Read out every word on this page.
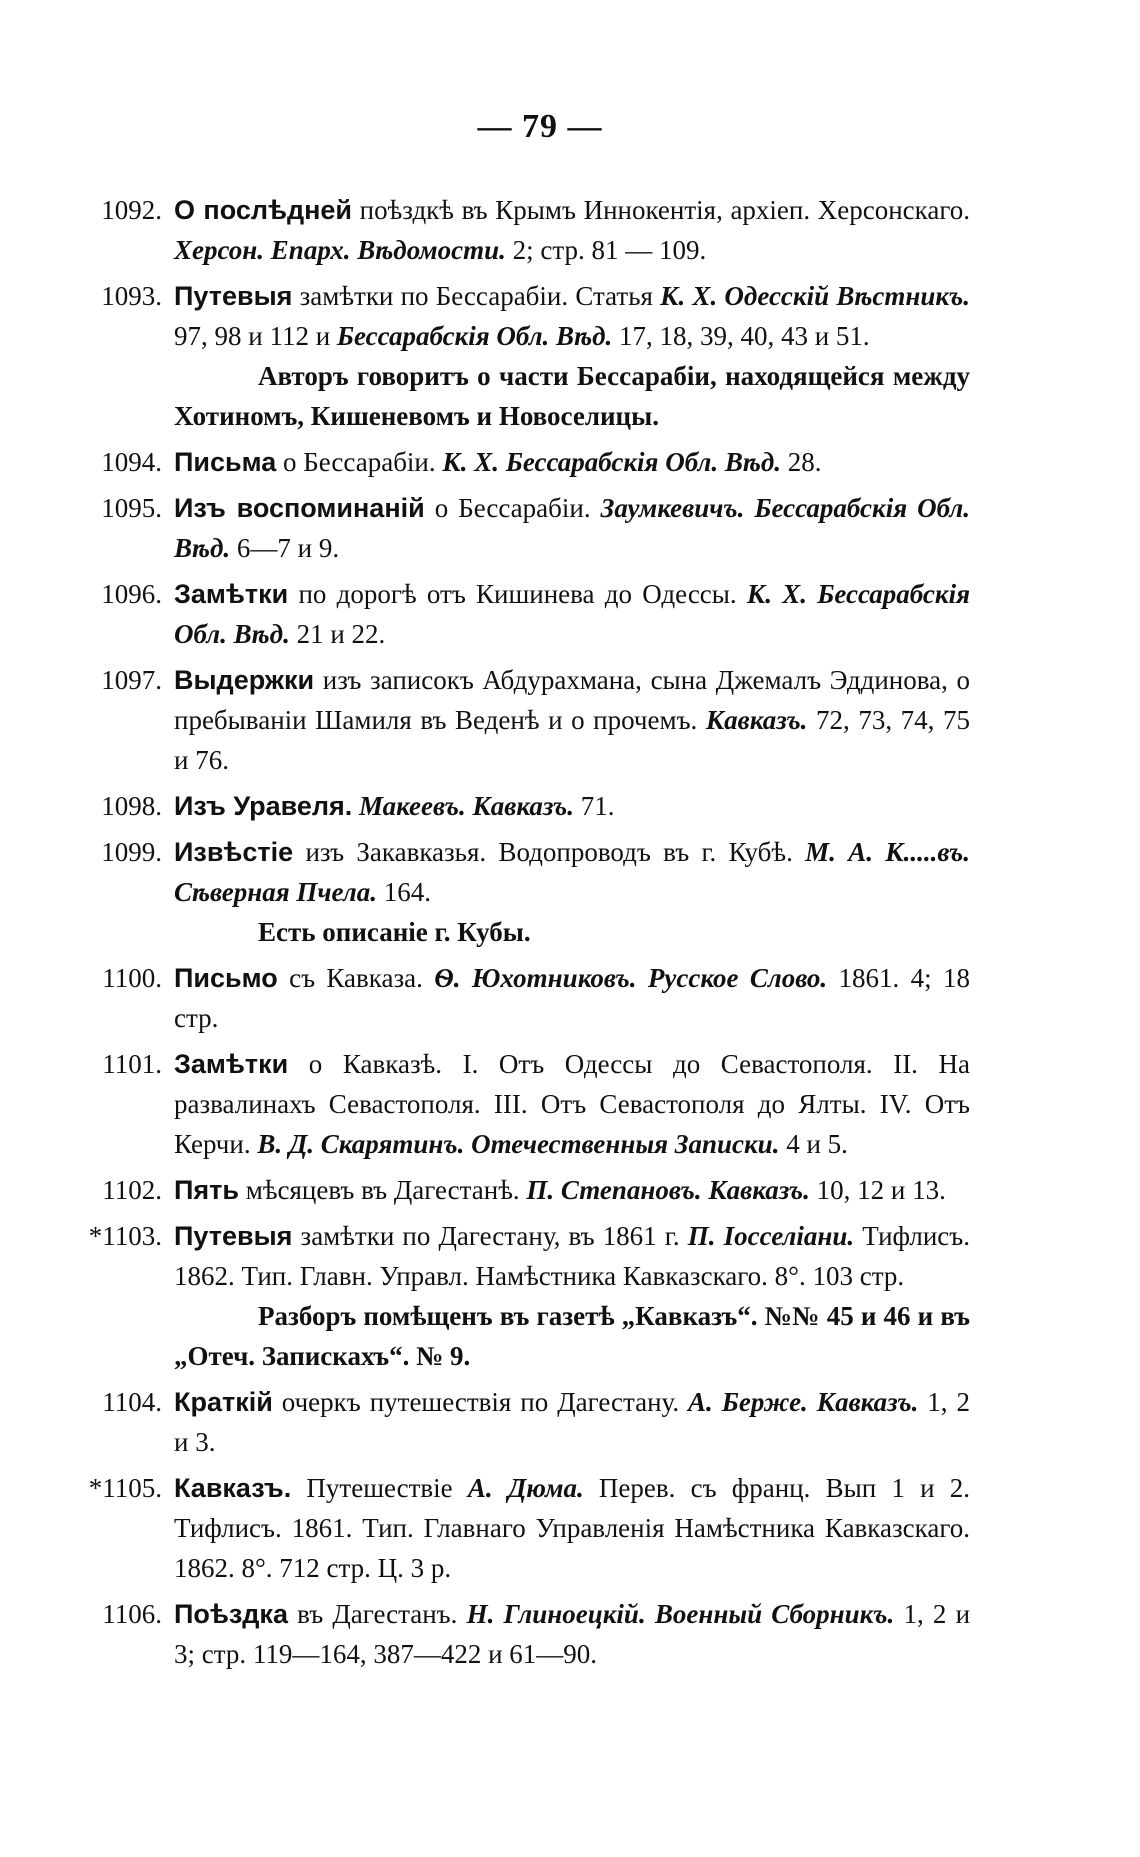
— 79 —
1092. О послѣдней поѣздкѣ въ Крымъ Иннокентія, архіеп. Херсонскаго. Херсон. Епарх. Вѣдомости. 2; стр. 81 — 109.
1093. Путевыя замѣтки по Бессарабіи. Статья К. Х. Одесскій Вѣстникъ. 97, 98 и 112 и Бессарабскія Обл. Вѣд. 17, 18, 39, 40, 43 и 51.
Авторъ говоритъ о части Бессарабіи, находящейся между Хотиномъ, Кишеневомъ и Новоселицы.
1094. Письма о Бессарабіи. К. Х. Бессарабскія Обл. Вѣд. 28.
1095. Изъ воспоминаній о Бессарабіи. Заумкевичъ. Бессарабскія Обл. Вѣд. 6—7 и 9.
1096. Замѣтки по дорогѣ отъ Кишинева до Одессы. К. Х. Бессарабскія Обл. Вѣд. 21 и 22.
1097. Выдержки изъ записокъ Абдурахмана, сына Джемалъ Эддинова, о пребываніи Шамиля въ Веденѣ и о прочемъ. Кавказъ. 72, 73, 74, 75 и 76.
1098. Изъ Уравеля. Макеевъ. Кавказъ. 71.
1099. Извѣстіе изъ Закавказья. Водопроводъ въ г. Кубѣ. М. А. К.....въ. Сѣверная Пчела. 164.
Есть описаніе г. Кубы.
1100. Письмо съ Кавказа. Ѳ. Юхотниковъ. Русское Слово. 1861. 4; 18 стр.
1101. Замѣтки о Кавказѣ. I. Отъ Одессы до Севастополя. II. На развалинахъ Севастополя. III. Отъ Севастополя до Ялты. IV. Отъ Керчи. В. Д. Скарятинъ. Отечественныя Записки. 4 и 5.
1102. Пять мѣсяцевъ въ Дагестанѣ. П. Степановъ. Кавказъ. 10, 12 и 13.
*1103. Путевыя замѣтки по Дагестану, въ 1861 г. П. Іосселіани. Тифлисъ. 1862. Тип. Главн. Управл. Намѣстника Кавказскаго. 8°. 103 стр.
Разборъ помѣщенъ въ газетѣ „Кавказъ“. №№ 45 и 46 и въ „Отеч. Запискахъ“. № 9.
1104. Краткій очеркъ путешествія по Дагестану. А. Берже. Кавказъ. 1, 2 и 3.
*1105. Кавказъ. Путешествіе А. Дюма. Перев. съ франц. Вып 1 и 2. Тифлисъ. 1861. Тип. Главнаго Управленія Намѣстника Кавказскаго. 1862. 8°. 712 стр. Ц. 3 р.
1106. Поѣздка въ Дагестанъ. Н. Глиноецкій. Военный Сборникъ. 1, 2 и 3; стр. 119—164, 387—422 и 61—90.
